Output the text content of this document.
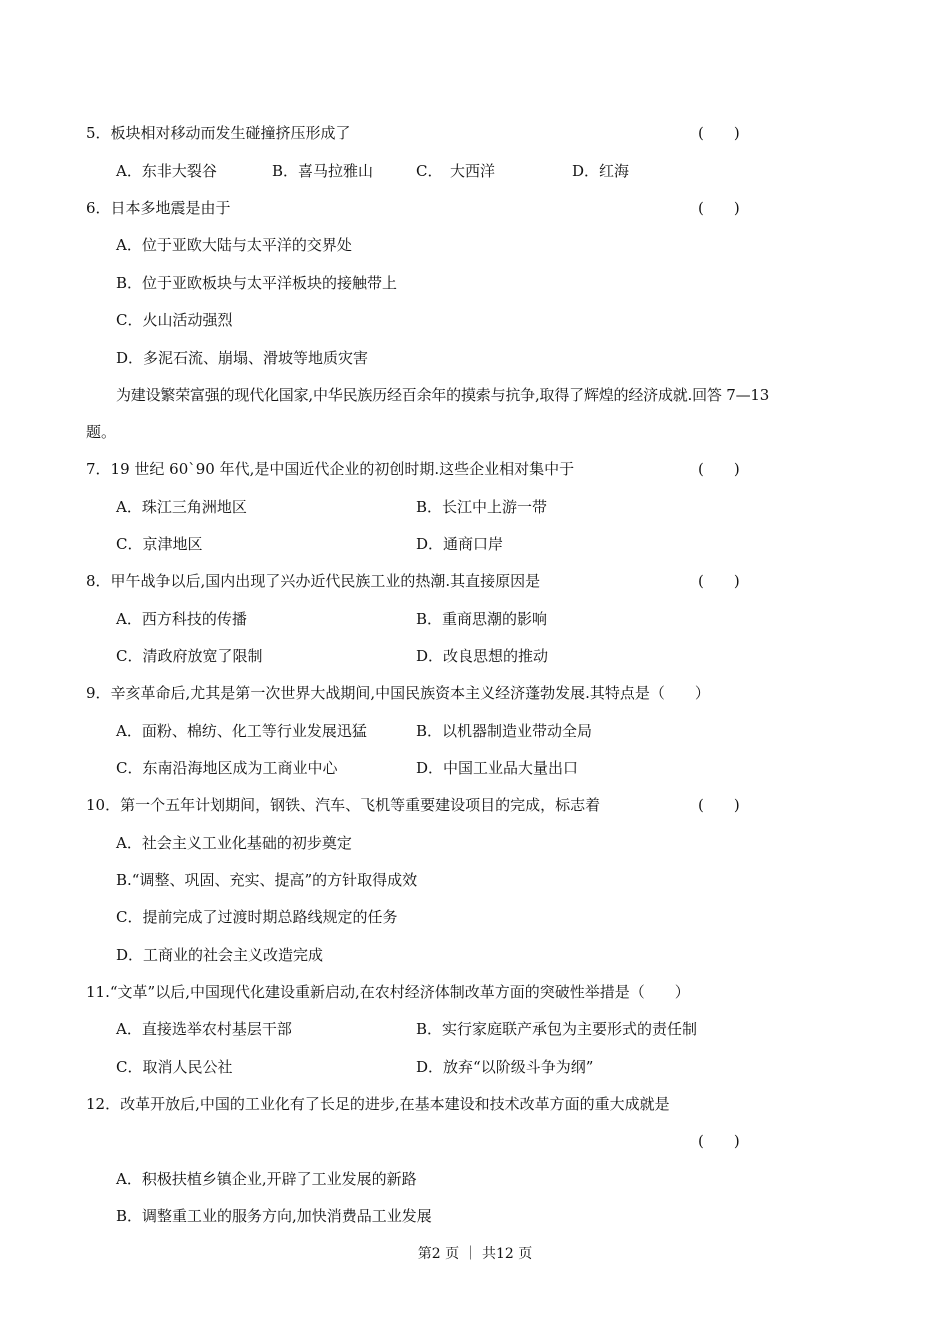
5．板块相对移动而发生碰撞挤压形成了	(　　)
A．东非大裂谷	B．喜马拉雅山	C．　大西洋	D．红海
6．日本多地震是由于	(　　)
A．位于亚欧大陆与太平洋的交界处
B．位于亚欧板块与太平洋板块的接触带上
C．火山活动强烈
D．多泥石流、崩塌、滑坡等地质灾害
为建设繁荣富强的现代化国家,中华民族历经百余年的摸索与抗争,取得了辉煌的经济成就.回答 7—13
题。
7．19 世纪 60`90 年代,是中国近代企业的初创时期.这些企业相对集中于	(　　)
A．珠江三角洲地区	B．长江中上游一带
C．京津地区	D．通商口岸
8．甲午战争以后,国内出现了兴办近代民族工业的热潮.其直接原因是	(　　)
A．西方科技的传播	B．重商思潮的影响
C．清政府放宽了限制	D．改良思想的推动
9．辛亥革命后,尤其是第一次世界大战期间,中国民族资本主义经济蓬勃发展.其特点是（　　）
A．面粉、棉纺、化工等行业发展迅猛	B．以机器制造业带动全局
C．东南沿海地区成为工商业中心	D．中国工业品大量出口
10．第一个五年计划期间，钢铁、汽车、飞机等重要建设项目的完成，标志着	(　　)
A．社会主义工业化基础的初步奠定
B.“调整、巩固、充实、提高”的方针取得成效
C．提前完成了过渡时期总路线规定的任务
D．工商业的社会主义改造完成
11.“文革”以后,中国现代化建设重新启动,在农村经济体制改革方面的突破性举措是（　　）
A．直接选举农村基层干部	B．实行家庭联产承包为主要形式的责任制
C．取消人民公社	D．放弃“以阶级斗争为纲”
12．改革开放后,中国的工业化有了长足的进步,在基本建设和技术改革方面的重大成就是
(　　)
A．积极扶植乡镇企业,开辟了工业发展的新路
B．调整重工业的服务方向,加快消费品工业发展
第2 页 ｜ 共12 页
